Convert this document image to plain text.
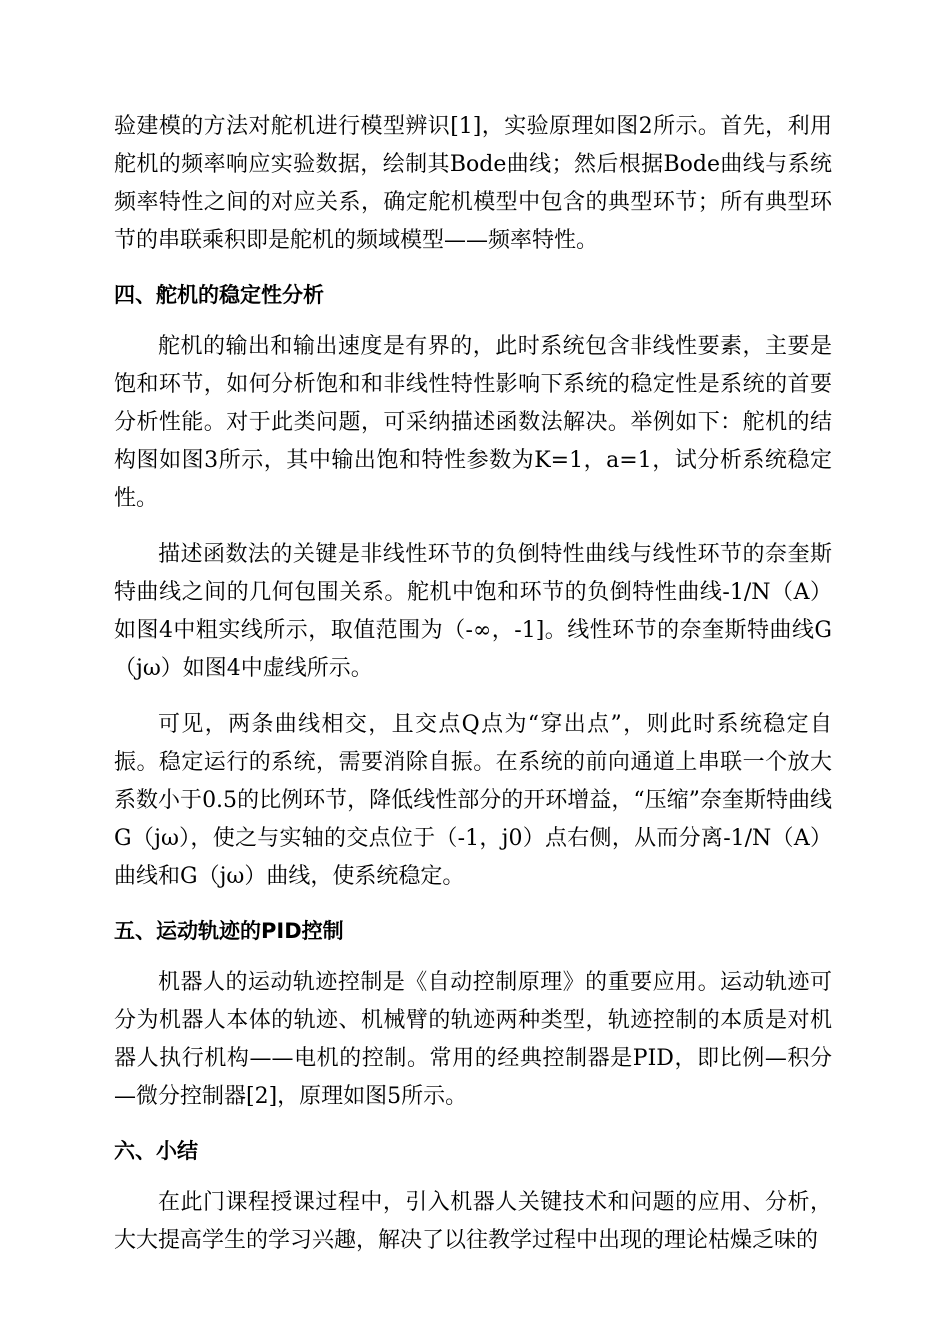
验建模的方法对舵机进行模型辨识[1]，实验原理如图2所示。首先，利用舵机的频率响应实验数据，绘制其Bode曲线；然后根据Bode曲线与系统频率特性之间的对应关系，确定舵机模型中包含的典型环节；所有典型环节的串联乘积即是舵机的频域模型——频率特性。

四、舵机的稳定性分析

舵机的输出和输出速度是有界的，此时系统包含非线性要素，主要是饱和环节，如何分析饱和和非线性特性影响下系统的稳定性是系统的首要分析性能。对于此类问题，可采纳描述函数法解决。举例如下：舵机的结构图如图3所示，其中输出饱和特性参数为K=1，a=1，试分析系统稳定性。

描述函数法的关键是非线性环节的负倒特性曲线与线性环节的奈奎斯特曲线之间的几何包围关系。舵机中饱和环节的负倒特性曲线-1/N（A）如图4中粗实线所示，取值范围为（-∞，-1]。线性环节的奈奎斯特曲线G（jω）如图4中虚线所示。

可见，两条曲线相交，且交点Q点为“穿出点”，则此时系统稳定自振。稳定运行的系统，需要消除自振。在系统的前向通道上串联一个放大系数小于0.5的比例环节，降低线性部分的开环增益，“压缩”奈奎斯特曲线G（jω），使之与实轴的交点位于（-1，j0）点右侧，从而分离-1/N（A）曲线和G（jω）曲线，使系统稳定。

五、运动轨迹的PID控制

机器人的运动轨迹控制是《自动控制原理》的重要应用。运动轨迹可分为机器人本体的轨迹、机械臂的轨迹两种类型，轨迹控制的本质是对机器人执行机构——电机的控制。常用的经典控制器是PID，即比例—积分—微分控制器[2]，原理如图5所示。

六、小结

在此门课程授课过程中，引入机器人关键技术和问题的应用、分析，大大提高学生的学习兴趣，解决了以往教学过程中出现的理论枯燥乏味的
